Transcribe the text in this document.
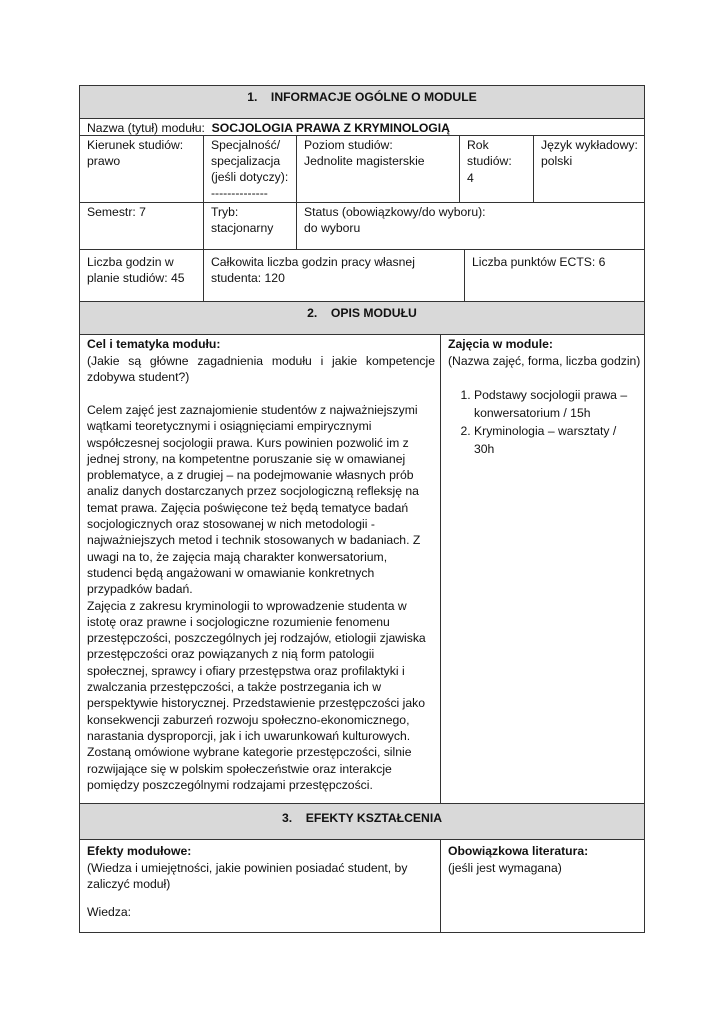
1.    INFORMACJE OGÓLNE O MODULE
Nazwa (tytuł) modułu: SOCJOLOGIA PRAWA Z KRYMINOLOGIĄ
Kierunek studiów:
prawo
Specjalność/
specjalizacja
(jeśli dotyczy):
--------------
Poziom studiów:
Jednolite magisterskie
Rok
studiów:
4
Język wykładowy:
polski
Semestr: 7	Tryb:
stacjonarny
Status (obowiązkowy/do wyboru):
do wyboru
Liczba godzin w
planie studiów: 45
Całkowita liczba godzin pracy własnej
studenta: 120
Liczba punktów ECTS: 6
2.    OPIS MODUŁU
Cel i tematyka modułu:
(Jakie są główne zagadnienia modułu i jakie kompetencje zdobywa student?)
Celem zajęć jest zaznajomienie studentów z najważniejszymi
wątkami teoretycznymi i osiągnięciami empirycznymi
współczesnej socjologii prawa. Kurs powinien pozwolić im z
jednej strony, na kompetentne poruszanie się w omawianej
problematyce, a z drugiej – na podejmowanie własnych prób
analiz danych dostarczanych przez socjologiczną refleksję na
temat prawa. Zajęcia poświęcone też będą tematyce badań
socjologicznych oraz stosowanej w nich metodologii -
najważniejszych metod i technik stosowanych w badaniach. Z
uwagi na to, że zajęcia mają charakter konwersatorium,
studenci będą angażowani w omawianie konkretnych
przypadków badań.
Zajęcia z zakresu kryminologii to wprowadzenie studenta w
istotę oraz prawne i socjologiczne rozumienie fenomenu
przestępczości, poszczególnych jej rodzajów, etiologii zjawiska
przestępczości oraz powiązanych z nią form patologii
społecznej, sprawcy i ofiary przestępstwa oraz profilaktyki i
zwalczania przestępczości, a także postrzegania ich w
perspektywie historycznej. Przedstawienie przestępczości jako
konsekwencji zaburzeń rozwoju społeczno-ekonomicznego,
narastania dysproporcji, jak i ich uwarunkowań kulturowych.
Zostaną omówione wybrane kategorie przestępczości, silnie
rozwijające się w polskim społeczeństwie oraz interakcje
pomiędzy poszczególnymi rodzajami przestępczości.
Zajęcia w module:
(Nazwa zajęć, forma, liczba godzin)
1. Podstawy socjologii prawa – konwersatorium / 15h
2. Kryminologia – warsztaty / 30h
3.    EFEKTY KSZTAŁCENIA
Efekty modułowe:
(Wiedza i umiejętności, jakie powinien posiadać student, by
zaliczyć moduł)
Wiedza:
Obowiązkowa literatura:
(jeśli jest wymagana)
